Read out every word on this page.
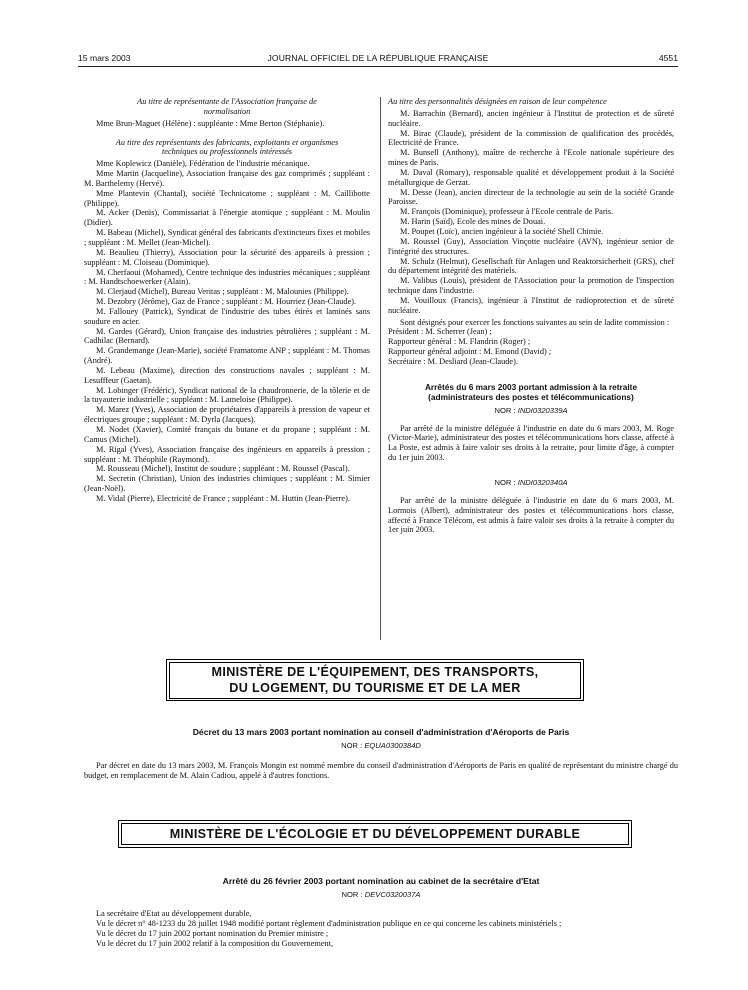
15 mars 2003	JOURNAL OFFICIEL DE LA RÉPUBLIQUE FRANÇAISE	4551

Au titre de représentante de l'Association française de normalisation

Mme Brun-Maguet (Hélène) : suppléante : Mme Berton (Stéphanie).

Au titre des représentants des fabricants, exploitants et organismes techniques ou professionnels intéressés

Mme Koplewicz (Danièle), Fédération de l'industrie mécanique.

Mme Martin (Jacqueline), Association française des gaz comprimés ; suppléant : M. Barthelemy (Hervé).

Mme Plantevin (Chantal), société Technicatome ; suppléant : M. Caillibotte (Philippe).

M. Acker (Denis), Commissariat à l'énergie atomique ; suppléant : M. Moulin (Didier).

M. Babeau (Michel), Syndicat général des fabricants d'extincteurs fixes et mobiles ; suppléant : M. Mellet (Jean-Michel).

M. Beaulieu (Thierry), Association pour la sécurité des appareils à pression ; suppléant : M. Cloiseau (Dominique).

M. Cherfaoui (Mohamed), Centre technique des industries mécaniques ; suppléant : M. Handtschoewerker (Alain).

M. Clerjaud (Michel), Bureau Veritas ; suppléant : M. Malounies (Philippe).

M. Dezobry (Jérôme), Gaz de France ; suppléant : M. Hourriez (Jean-Claude).

M. Fallouey (Patrick), Syndicat de l'industrie des tubes étirés et laminés sans soudure en acier.

M. Gardes (Gérard), Union française des industries pétrolières ; suppléant : M. Cadhilac (Bernard).

M. Grandemange (Jean-Marie), société Framatome ANP ; suppléant : M. Thomas (André).

M. Lebeau (Maxime), direction des constructions navales ; suppléant : M. Lesufffeur (Gaetan).

M. Lobinger (Frédéric), Syndicat national de la chaudronnerie, de la tôlerie et de la tuyauterie industrielle ; suppléant : M. Lameloise (Philippe).

M. Marez (Yves), Association de propriétaires d'appareils à pression de vapeur et électriques groupe ; suppléant : M. Dyrla (Jacques).

M. Nodet (Xavier), Comité français du butane et du propane ; suppléant : M. Camus (Michel).

M. Rigal (Yves), Association française des ingénieurs en appareils à pression ; suppléant : M. Théophile (Raymond).

M. Rousseau (Michel), Institut de soudure ; suppléant : M. Roussel (Pascal).

M. Secretin (Christian), Union des industries chimiques ; suppléant : M. Simier (Jean-Noël).

M. Vidal (Pierre), Electricité de France ; suppléant : M. Huttin (Jean-Pierre).

Au titre des personnalités désignées en raison de leur compétence

M. Barrachin (Bernard), ancien ingénieur à l'Institut de protection et de sûreté nucléaire.

M. Birac (Claude), président de la commission de qualification des procédés, Electricité de France.

M. Bunsell (Anthony), maître de recherche à l'Ecole nationale supérieure des mines de Paris.

M. Daval (Romary), responsable qualité et développement produit à la Société métallurgique de Gerzat.

M. Desse (Jean), ancien directeur de la technologie au sein de la société Grande Paroisse.

M. François (Dominique), professeur à l'Ecole centrale de Paris.

M. Harin (Saïd), Ecole des mines de Douai.

M. Poupet (Loïc), ancien ingénieur à la société Shell Chimie.

M. Roussel (Guy), Association Vinçotte nucléaire (AVN), ingénieur senior de l'intégrité des structures.

M. Schulz (Helmut), Gesellschaft für Anlagen und Reaktorsicherheit (GRS), chef du département intégrité des matériels.

M. Valibus (Louis), président de l'Association pour la promotion de l'inspection technique dans l'industrie.

M. Vouilloux (Francis), ingénieur à l'Institut de radioprotection et de sûreté nucléaire.

Sont désignés pour exercer les fonctions suivantes au sein de ladite commission :

Président : M. Scherrer (Jean) ;

Rapporteur général : M. Flandrin (Roger) ;

Rapporteur général adjoint : M. Emond (David) ;

Secrétaire : M. Desliard (Jean-Claude).

Arrêtés du 6 mars 2003 portant admission à la retraite (administrateurs des postes et télécommunications)

NOR : INDI0320339A

Par arrêté de la ministre déléguée à l'industrie en date du 6 mars 2003, M. Roge (Victor-Marie), administrateur des postes et télécommunications hors classe, affecté à La Poste, est admis à faire valoir ses droits à la retraite, pour limite d'âge, à compter du 1er juin 2003.

NOR : INDI0320340A

Par arrêté de la ministre déléguée à l'industrie en date du 6 mars 2003, M. Lormois (Albert), administrateur des postes et télécommunications hors classe, affecté à France Télécom, est admis à faire valoir ses droits à la retraite à compter du 1er juin 2003.

MINISTÈRE DE L'ÉQUIPEMENT, DES TRANSPORTS,
DU LOGEMENT, DU TOURISME ET DE LA MER
Décret du 13 mars 2003 portant nomination au conseil d'administration d'Aéroports de Paris
NOR : EQUA0300384D

Par décret en date du 13 mars 2003, M. François Mongin est nommé membre du conseil d'administration d'Aéroports de Paris en qualité de représentant du ministre chargé du budget, en remplacement de M. Alain Cadiou, appelé à d'autres fonctions.

MINISTÈRE DE L'ÉCOLOGIE ET DU DÉVELOPPEMENT DURABLE
Arrêté du 26 février 2003 portant nomination au cabinet de la secrétaire d'Etat
NOR : DEVC0320037A

La secrétaire d'Etat au développement durable,

Vu le décret n° 48-1233 du 28 juillet 1948 modifié portant règlement d'administration publique en ce qui concerne les cabinets ministériels ;

Vu le décret du 17 juin 2002 portant nomination du Premier ministre ;

Vu le décret du 17 juin 2002 relatif à la composition du Gouvernement,
